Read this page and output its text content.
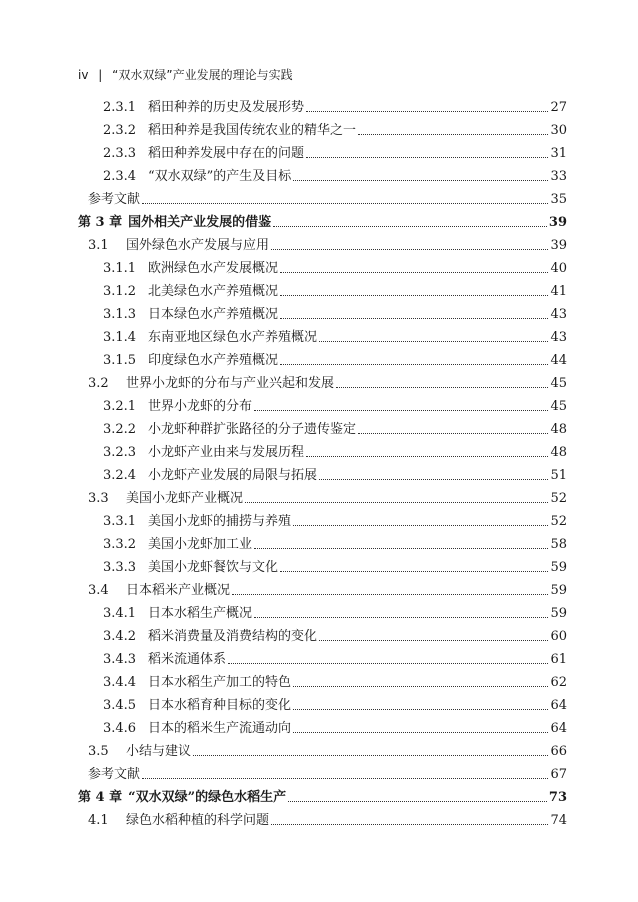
iv | “双水双绿”产业发展的理论与实践
2.3.1 稻田种养的历史及发展形势	27
2.3.2 稻田种养是我国传统农业的精华之一	30
2.3.3 稻田种养发展中存在的问题	31
2.3.4 “双水双绿”的产生及目标	33
参考文献	35
第 3 章 国外相关产业发展的借鉴	39
3.1	国外绿色水产发展与应用	39
3.1.1 欧洲绿色水产发展概况	40
3.1.2 北美绿色水产养殖概况	41
3.1.3 日本绿色水产养殖概况	43
3.1.4 东南亚地区绿色水产养殖概况	43
3.1.5 印度绿色水产养殖概况	44
3.2	世界小龙虾的分布与产业兴起和发展	45
3.2.1 世界小龙虾的分布	45
3.2.2 小龙虾种群扩张路径的分子遗传鉴定	48
3.2.3 小龙虾产业由来与发展历程	48
3.2.4 小龙虾产业发展的局限与拓展	51
3.3	美国小龙虾产业概况	52
3.3.1 美国小龙虾的捕捞与养殖	52
3.3.2 美国小龙虾加工业	58
3.3.3 美国小龙虾餐饮与文化	59
3.4	日本稻米产业概况	59
3.4.1 日本水稻生产概况	59
3.4.2 稻米消费量及消费结构的变化	60
3.4.3 稻米流通体系	61
3.4.4 日本水稻生产加工的特色	62
3.4.5 日本水稻育种目标的变化	64
3.4.6 日本的稻米生产流通动向	64
3.5	小结与建议	66
参考文献	67
第 4 章 “双水双绿”的绿色水稻生产	73
4.1	绿色水稻种植的科学问题	74
